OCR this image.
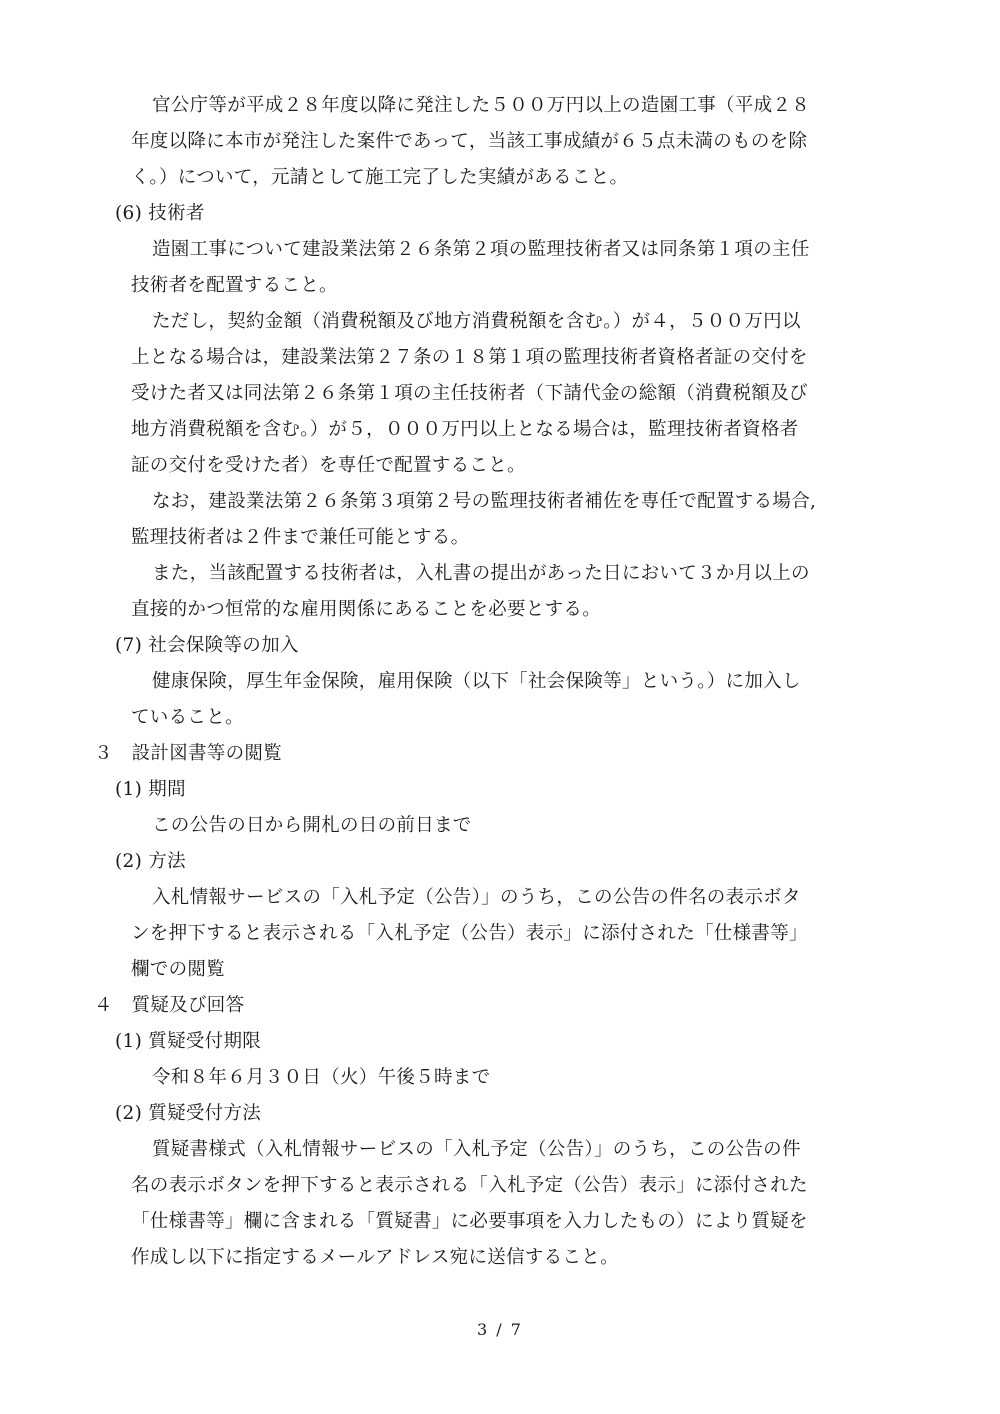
官公庁等が平成２８年度以降に発注した５００万円以上の造園工事（平成２８
年度以降に本市が発注した案件であって，当該工事成績が６５点未満のものを除
く。）について，元請として施工完了した実績があること。
(6) 技術者
造園工事について建設業法第２６条第２項の監理技術者又は同条第１項の主任
技術者を配置すること。
ただし，契約金額（消費税額及び地方消費税額を含む。）が４，５００万円以
上となる場合は，建設業法第２７条の１８第１項の監理技術者資格者証の交付を
受けた者又は同法第２６条第１項の主任技術者（下請代金の総額（消費税額及び
地方消費税額を含む。）が５，０００万円以上となる場合は，監理技術者資格者
証の交付を受けた者）を専任で配置すること。
なお，建設業法第２６条第３項第２号の監理技術者補佐を専任で配置する場合,
監理技術者は２件まで兼任可能とする。
また，当該配置する技術者は，入札書の提出があった日において３か月以上の
直接的かつ恒常的な雇用関係にあることを必要とする。
(7) 社会保険等の加入
健康保険，厚生年金保険，雇用保険（以下「社会保険等」という。）に加入し
ていること。
３　設計図書等の閲覧
(1) 期間
この公告の日から開札の日の前日まで
(2) 方法
入札情報サービスの「入札予定（公告）」のうち，この公告の件名の表示ボタ
ンを押下すると表示される「入札予定（公告）表示」に添付された「仕様書等」
欄での閲覧
４　質疑及び回答
(1) 質疑受付期限
令和８年６月３０日（火）午後５時まで
(2) 質疑受付方法
質疑書様式（入札情報サービスの「入札予定（公告）」のうち，この公告の件
名の表示ボタンを押下すると表示される「入札予定（公告）表示」に添付された
「仕様書等」欄に含まれる「質疑書」に必要事項を入力したもの）により質疑を
作成し以下に指定するメールアドレス宛に送信すること。
3 / 7
